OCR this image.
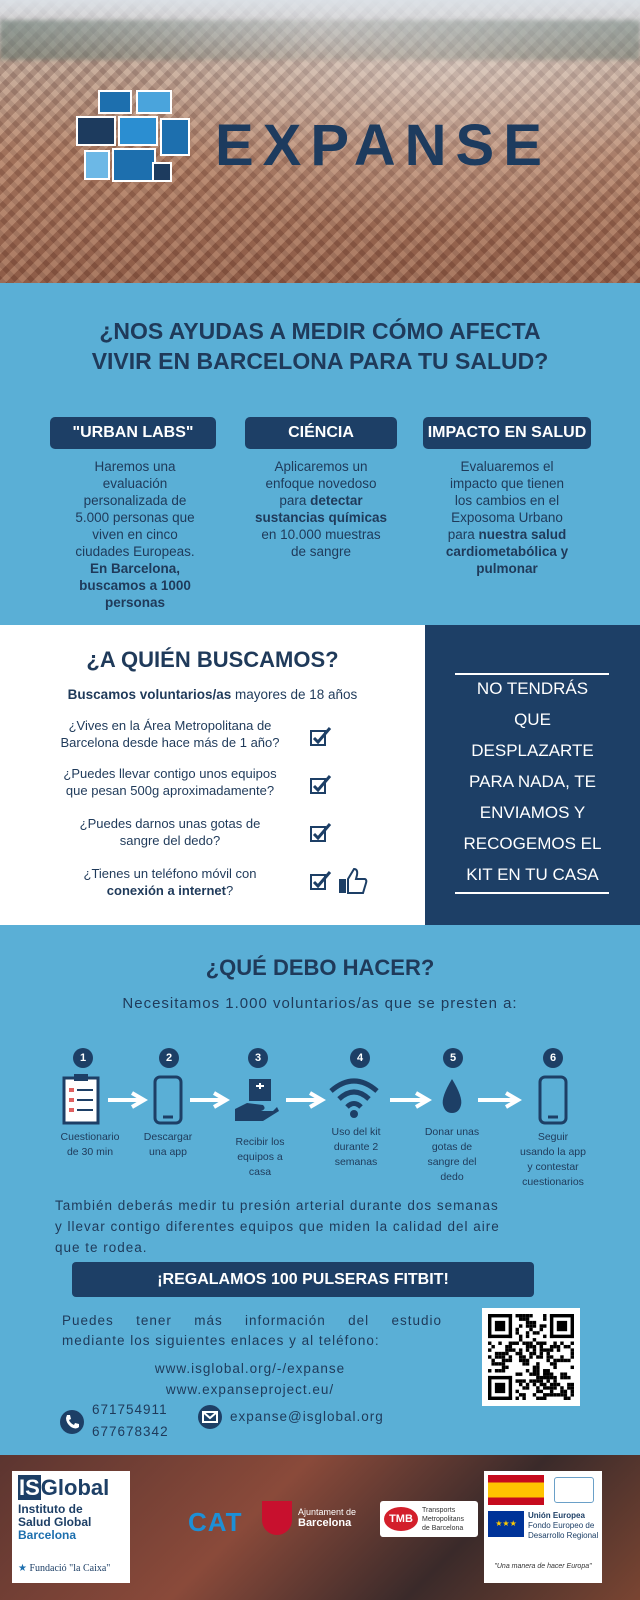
EXPANSE
¿NOS AYUDAS A MEDIR CÓMO AFECTA
VIVIR EN BARCELONA PARA TU SALUD?
"URBAN LABS"	CIÉNCIA	IMPACTO EN SALUD
Haremos una
evaluación
personalizada de
5.000 personas que
viven en cinco
ciudades Europeas.
En Barcelona,
buscamos a 1000
personas
Aplicaremos un
enfoque novedoso
para detectar
sustancias químicas
en 10.000 muestras
de sangre
Evaluaremos el
impacto que tienen
los cambios en el
Exposoma Urbano
para nuestra salud
cardiometabólica y
pulmonar
¿A QUIÉN BUSCAMOS?
Buscamos voluntarios/as mayores de 18 años
¿Vives en la Área Metropolitana de
Barcelona desde hace más de 1 año?
¿Puedes llevar contigo unos equipos
que pesan 500g aproximadamente?
¿Puedes darnos unas gotas de
sangre del dedo?
¿Tienes un teléfono móvil con
conexión a internet?
NO TENDRÁS
QUE
DESPLAZARTE
PARA NADA, TE
ENVIAMOS Y
RECOGEMOS EL
KIT EN TU CASA
¿QUÉ DEBO HACER?
Necesitamos 1.000 voluntarios/as que se presten a:
1	2	3	4	5	6
Cuestionario
de 30 min
Descargar
una app
Recibir los
equipos a
casa
Uso del kit
durante 2
semanas
Donar unas
gotas de
sangre del
dedo
Seguir
usando la app
y contestar
cuestionarios
También deberás medir tu presión arterial durante dos semanas
y llevar contigo diferentes equipos que miden la calidad del aire
que te rodea.
¡REGALAMOS 100 PULSERAS FITBIT!
Puedes tener más información del estudio
mediante los siguientes enlaces y al teléfono:
www.isglobal.org/-/expanse
www.expanseproject.eu/
671754911
677678342
expanse@isglobal.org
ISGlobal
Instituto de
Salud Global
Barcelona
★ Fundació "la Caixa"
CAT	Ajuntament de
Barcelona	TMB
Transports
Metropolitans
de Barcelona
★★★
Unión Europea
Fondo Europeo de
Desarrollo Regional
"Una manera de hacer Europa"
